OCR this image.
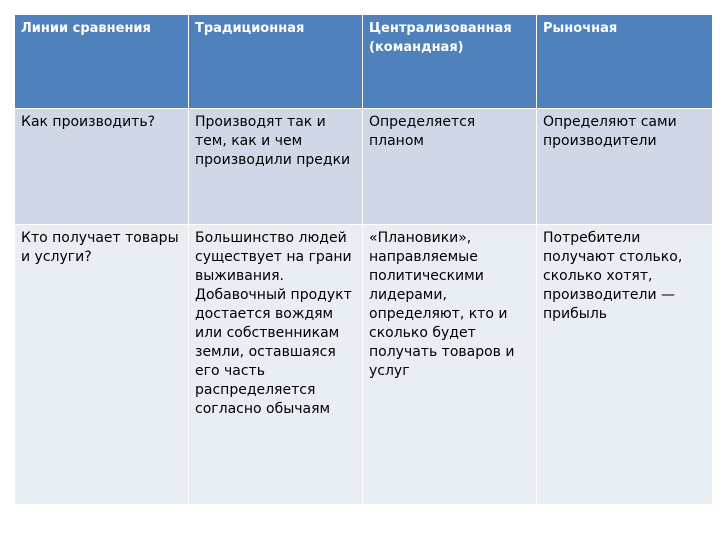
Линии сравнения	Традиционная	Централизованная (командная)	Рыночная
Как производить?	Производят так и тем, как и чем производили предки	Определяется планом	Определяют сами производители
Кто получает товары и услуги?	Большинство людей существует на грани выживания. Добавочный продукт достается вождям или собственникам земли, оставшаяся его часть распределяется согласно обычаям	«Плановики», направляемые политическими лидерами, определяют, кто и сколько будет получать товаров и услуг	Потребители получают столько, сколько хотят, производители — прибыль
